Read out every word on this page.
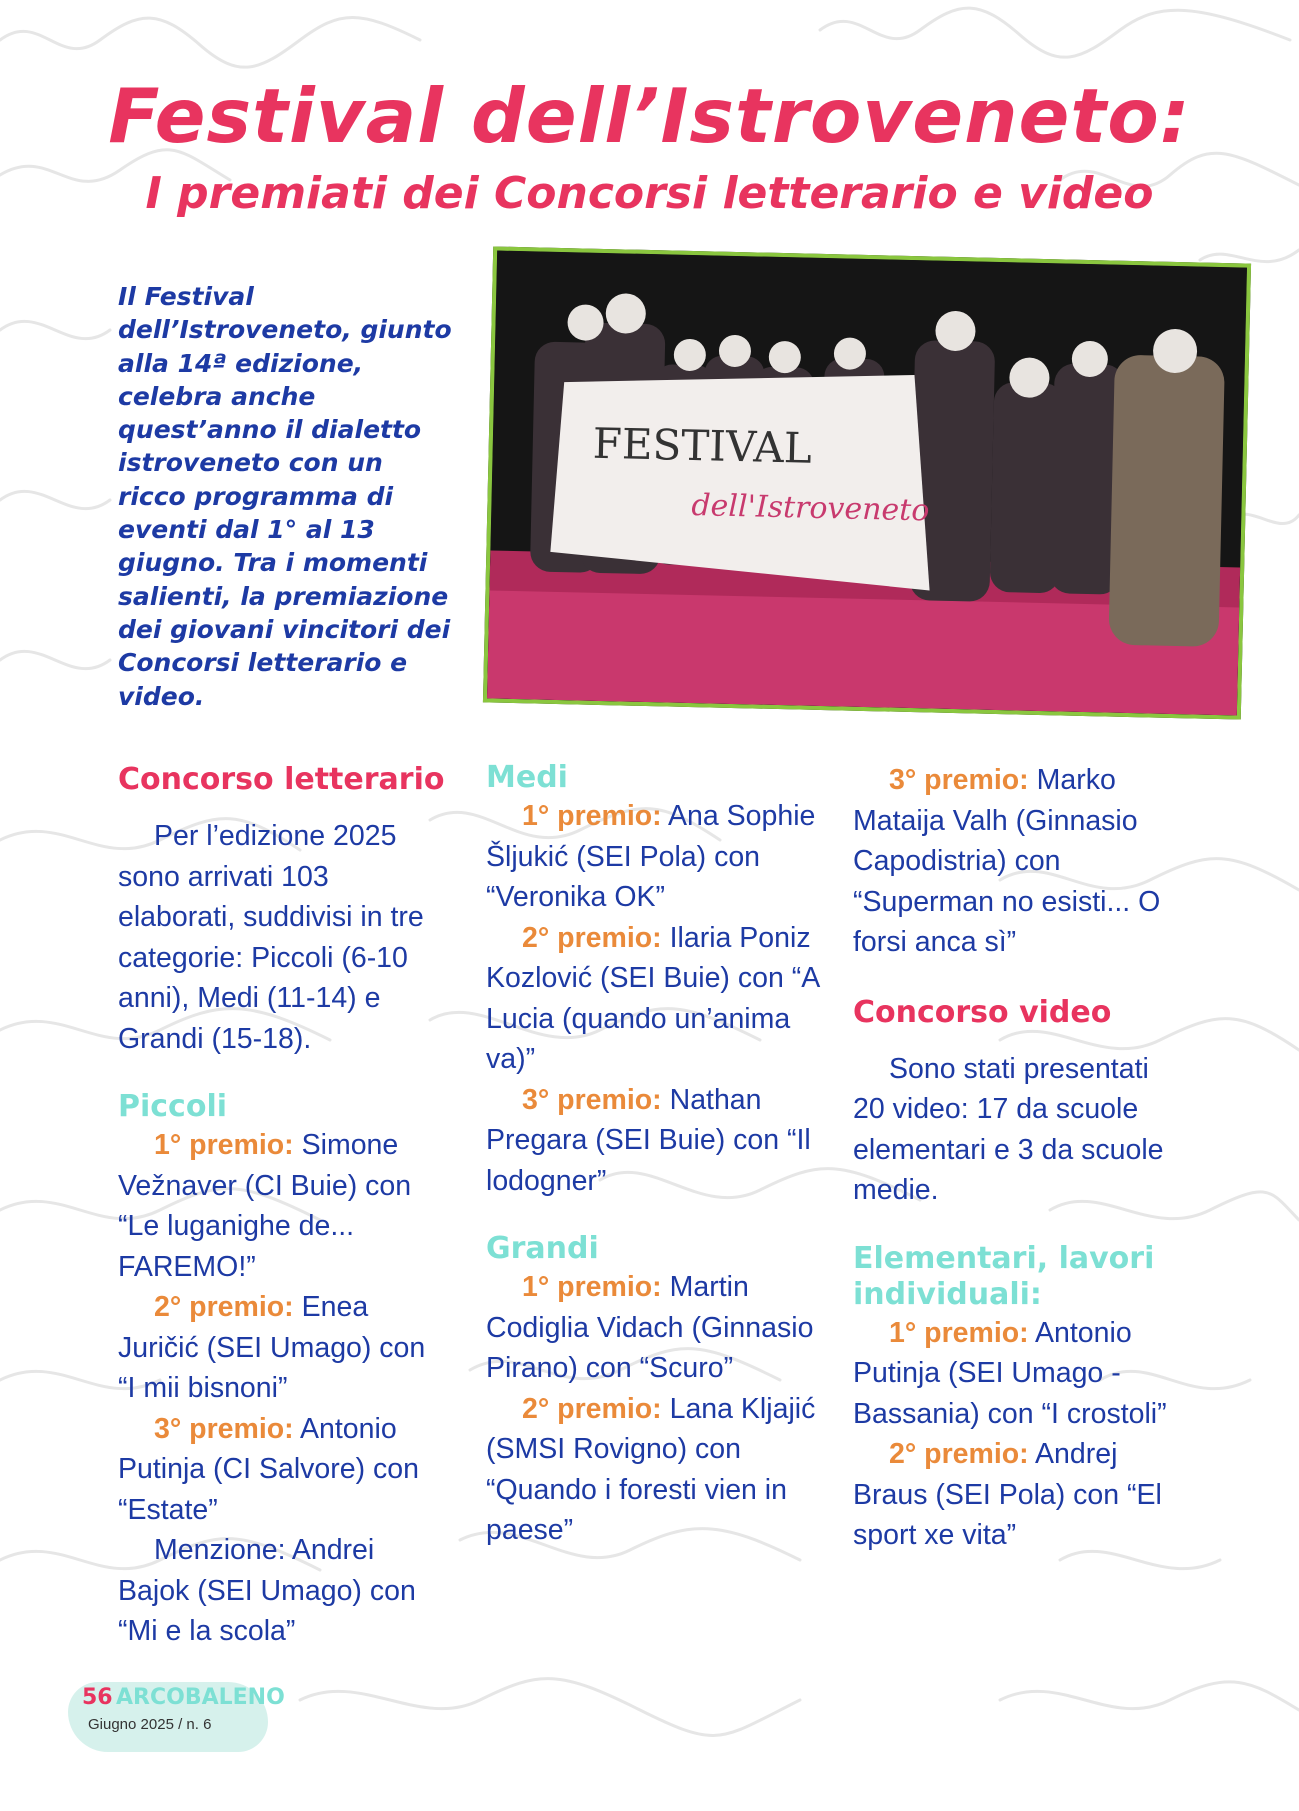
Festival dell’Istroveneto:
I premiati dei Concorsi letterario e video
Il Festival dell’Istroveneto, giunto alla 14ª edizione, celebra anche quest’anno il dialetto istroveneto con un ricco programma di eventi dal 1° al 13 giugno. Tra i momenti salienti, la premiazione dei giovani vincitori dei Concorsi letterario e video.
FESTIVAL
dell'Istroveneto
Concorso letterario

Per l’edizione 2025 sono arrivati 103 elaborati, suddivisi in tre categorie: Piccoli (6-10 anni), Medi (11-14) e Grandi (15-18).

Piccoli

1° premio: Simone Vežnaver (CI Buie) con “Le luganighe de... FAREMO!”

2° premio: Enea Juričić (SEI Umago) con “I mii bisnoni”

3° premio: Antonio Putinja (CI Salvore) con “Estate”

Menzione: Andrei Bajok (SEI Umago) con “Mi e la scola”

Medi

1° premio: Ana Sophie Šljukić (SEI Pola) con “Veronika OK”

2° premio: Ilaria Poniz Kozlović (SEI Buie) con “A Lucia (quando un’anima va)”

3° premio: Nathan Pregara (SEI Buie) con “Il lodogner”

Grandi

1° premio: Martin Codiglia Vidach (Ginnasio Pirano) con “Scuro”

2° premio: Lana Kljajić (SMSI Rovigno) con “Quando i foresti vien in paese”

3° premio: Marko Mataija Valh (Ginnasio Capodistria) con “Superman no esisti... O forsi anca sì”

Concorso video

Sono stati presentati 20 video: 17 da scuole elementari e 3 da scuole medie.

Elementari, lavori individuali:

1° premio: Antonio Putinja (SEI Umago - Bassania) con “I crostoli”

2° premio: Andrej Braus (SEI Pola) con “El sport xe vita”

56 ARCOBALENO
Giugno 2025 / n. 6
